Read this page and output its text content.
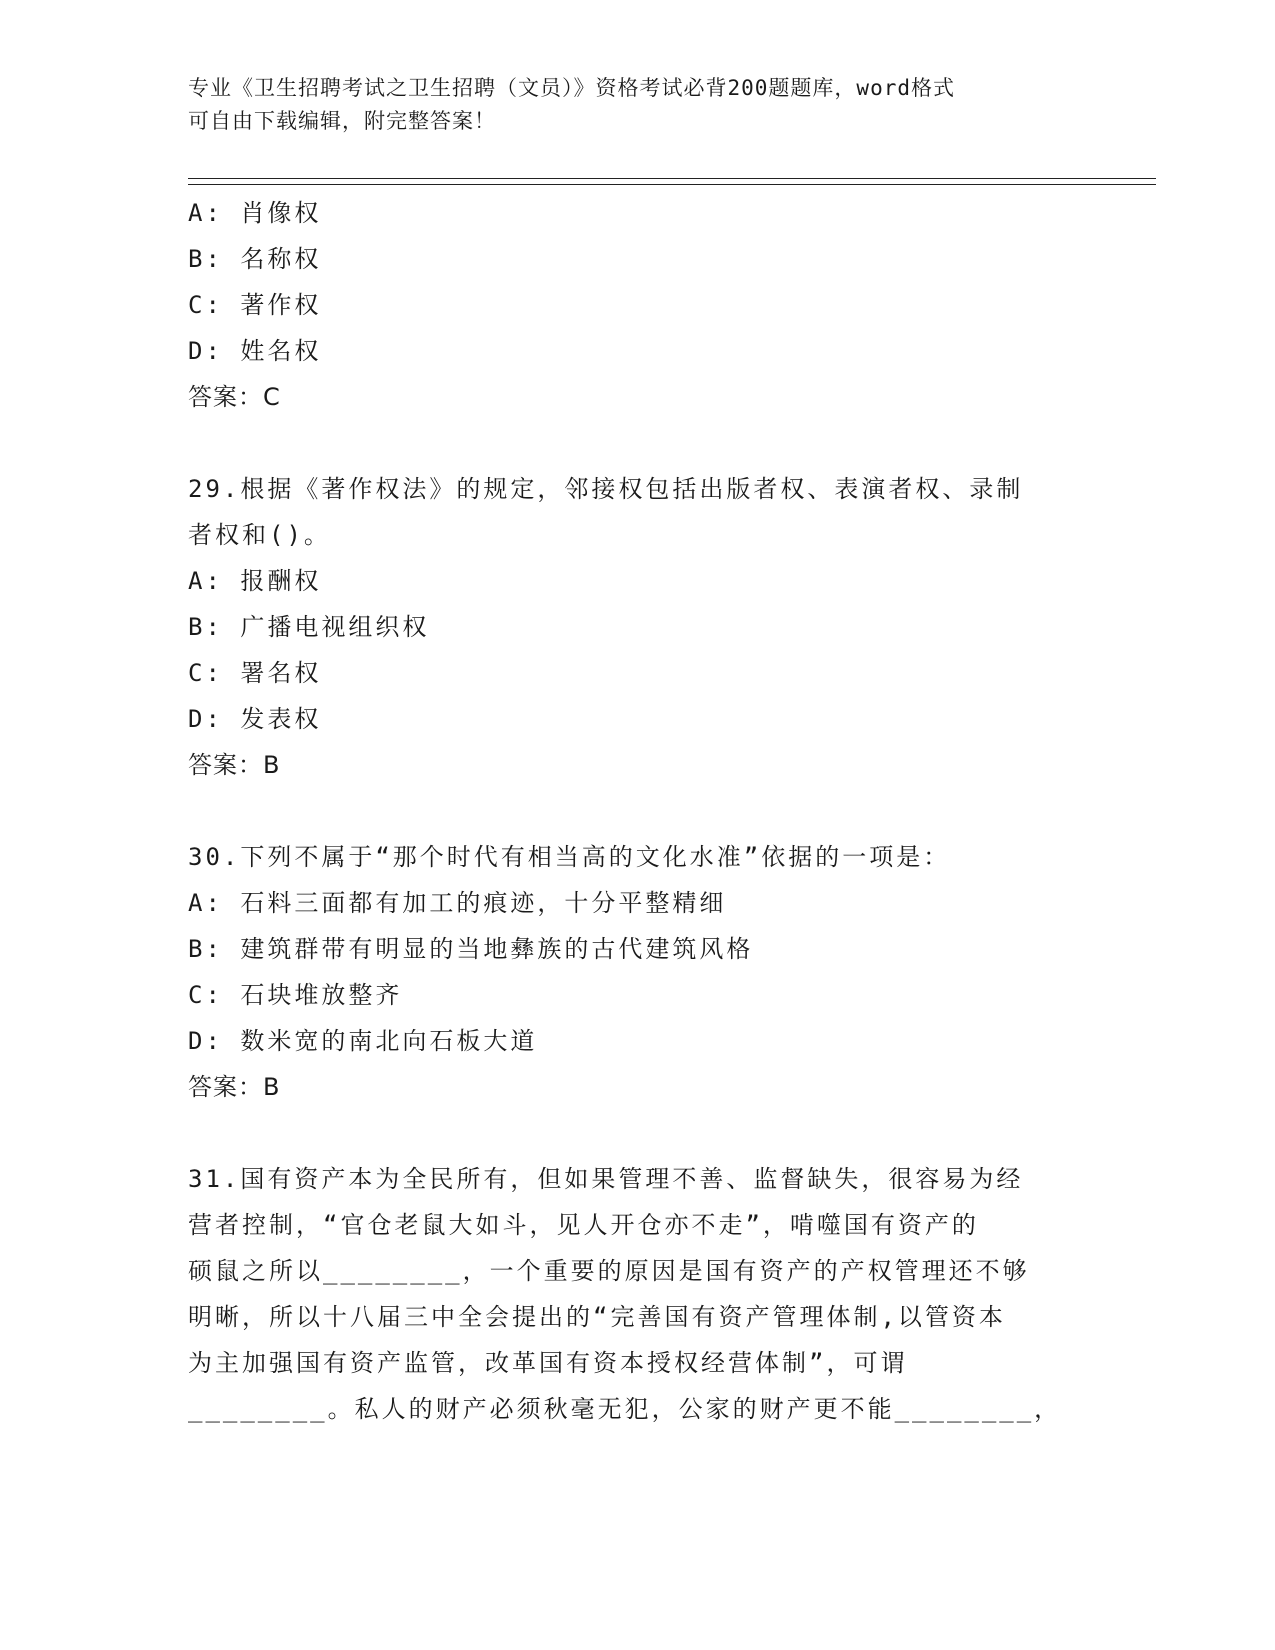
专业《卫生招聘考试之卫生招聘（文员）》资格考试必背200题题库，word格式
可自由下载编辑，附完整答案！
A: 肖像权
B: 名称权
C: 著作权
D: 姓名权
答案：C
29.根据《著作权法》的规定，邻接权包括出版者权、表演者权、录制
者权和()。
A: 报酬权
B: 广播电视组织权
C: 署名权
D: 发表权
答案：B
30.下列不属于“那个时代有相当高的文化水准”依据的一项是：
A: 石料三面都有加工的痕迹，十分平整精细
B: 建筑群带有明显的当地彝族的古代建筑风格
C: 石块堆放整齐
D: 数米宽的南北向石板大道
答案：B
31.国有资产本为全民所有，但如果管理不善、监督缺失，很容易为经
营者控制，“官仓老鼠大如斗，见人开仓亦不走”，啃噬国有资产的
硕鼠之所以________，一个重要的原因是国有资产的产权管理还不够
明晰，所以十八届三中全会提出的“完善国有资产管理体制,以管资本
为主加强国有资产监管，改革国有资本授权经营体制”，可谓
________。私人的财产必须秋毫无犯，公家的财产更不能________，
